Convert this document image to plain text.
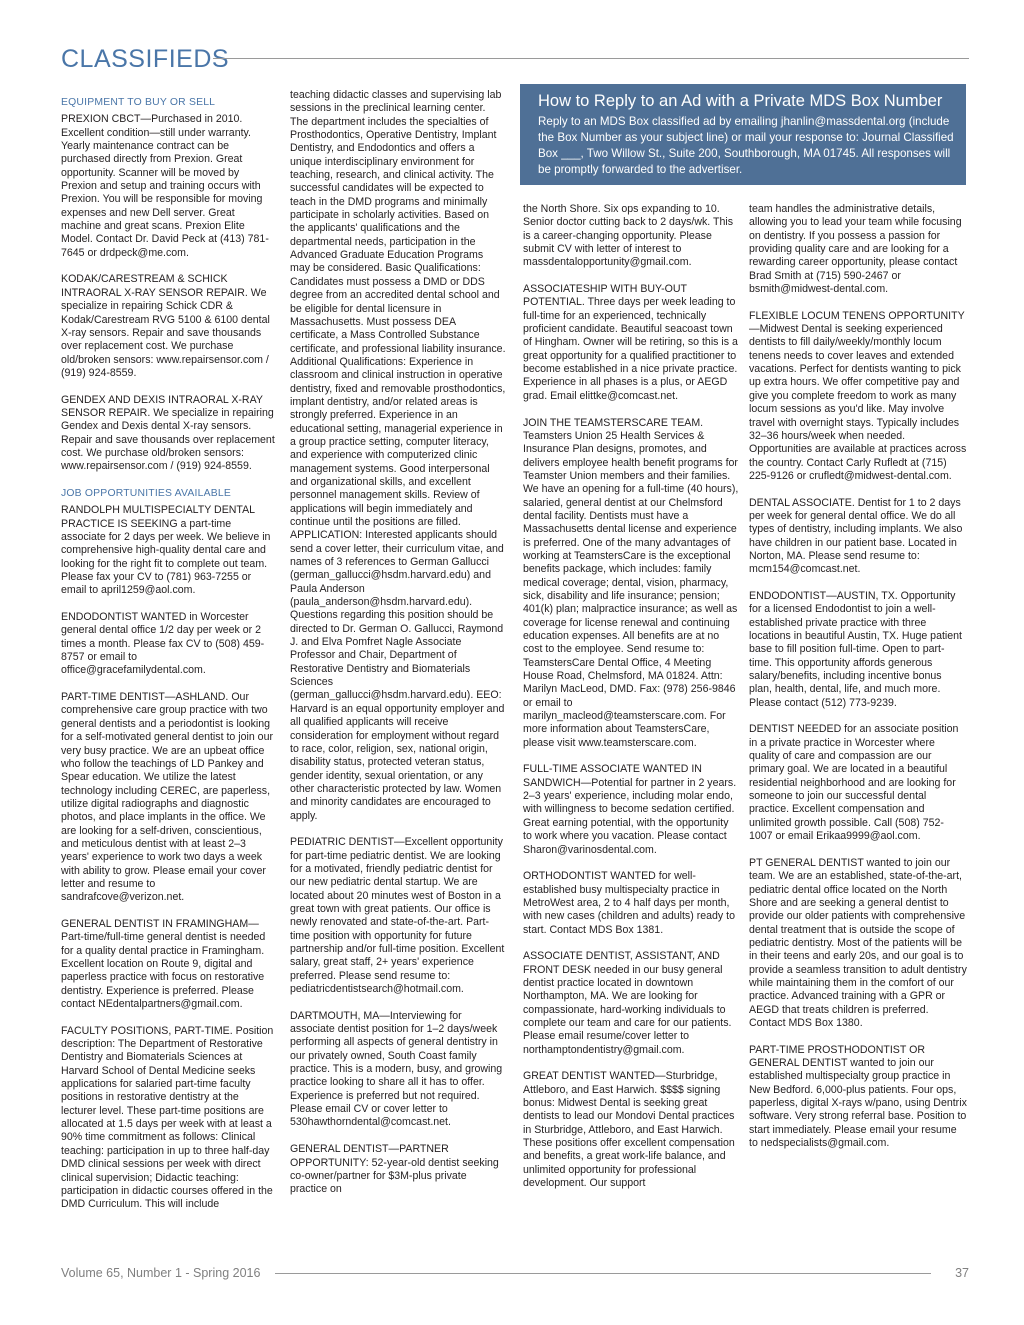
CLASSIFIEDS
EQUIPMENT TO BUY OR SELL
PREXION CBCT—Purchased in 2010. Excellent condition—still under warranty. Yearly maintenance contract can be purchased directly from Prexion. Great opportunity. Scanner will be moved by Prexion and setup and training occurs with Prexion. You will be responsible for moving expenses and new Dell server. Great machine and great scans. Prexion Elite Model. Contact Dr. David Peck at (413) 781-7645 or drdpeck@me.com.
KODAK/CARESTREAM & SCHICK INTRAORAL X-RAY SENSOR REPAIR. We specialize in repairing Schick CDR & Kodak/Carestream RVG 5100 & 6100 dental X-ray sensors. Repair and save thousands over replacement cost. We purchase old/broken sensors: www.repairsensor.com / (919) 924-8559.
GENDEX AND DEXIS INTRAORAL X-RAY SENSOR REPAIR. We specialize in repairing Gendex and Dexis dental X-ray sensors. Repair and save thousands over replacement cost. We purchase old/broken sensors: www.repairsensor.com / (919) 924-8559.
JOB OPPORTUNITIES AVAILABLE
RANDOLPH MULTISPECIALTY DENTAL PRACTICE IS SEEKING a part-time associate for 2 days per week. We believe in comprehensive high-quality dental care and looking for the right fit to complete out team. Please fax your CV to (781) 963-7255 or email to april1259@aol.com.
ENDODONTIST WANTED in Worcester general dental office 1/2 day per week or 2 times a month. Please fax CV to (508) 459-8757 or email to office@gracefamilydental.com.
PART-TIME DENTIST—ASHLAND. Our comprehensive care group practice with two general dentists and a periodontist is looking for a self-motivated general dentist to join our very busy practice. We are an upbeat office who follow the teachings of LD Pankey and Spear education. We utilize the latest technology including CEREC, are paperless, utilize digital radiographs and diagnostic photos, and place implants in the office. We are looking for a self-driven, conscientious, and meticulous dentist with at least 2–3 years' experience to work two days a week with ability to grow. Please email your cover letter and resume to sandrafcove@verizon.net.
GENERAL DENTIST IN FRAMINGHAM—Part-time/full-time general dentist is needed for a quality dental practice in Framingham. Excellent location on Route 9, digital and paperless practice with focus on restorative dentistry. Experience is preferred. Please contact NEdentalpartners@gmail.com.
FACULTY POSITIONS, PART-TIME. Position description: The Department of Restorative Dentistry and Biomaterials Sciences at Harvard School of Dental Medicine seeks applications for salaried part-time faculty positions in restorative dentistry at the lecturer level. These part-time positions are allocated at 1.5 days per week with at least a 90% time commitment as follows: Clinical teaching: participation in up to three half-day DMD clinical sessions per week with direct clinical supervision; Didactic teaching: participation in didactic courses offered in the DMD Curriculum. This will include
teaching didactic classes and supervising lab sessions in the preclinical learning center. The department includes the specialties of Prosthodontics, Operative Dentistry, Implant Dentistry, and Endodontics and offers a unique interdisciplinary environment for teaching, research, and clinical activity. The successful candidates will be expected to teach in the DMD programs and minimally participate in scholarly activities. Based on the applicants' qualifications and the departmental needs, participation in the Advanced Graduate Education Programs may be considered. Basic Qualifications: Candidates must possess a DMD or DDS degree from an accredited dental school and be eligible for dental licensure in Massachusetts. Must possess DEA certificate, a Mass Controlled Substance certificate, and professional liability insurance. Additional Qualifications: Experience in classroom and clinical instruction in operative dentistry, fixed and removable prosthodontics, implant dentistry, and/or related areas is strongly preferred. Experience in an educational setting, managerial experience in a group practice setting, computer literacy, and experience with computerized clinic management systems. Good interpersonal and organizational skills, and excellent personnel management skills. Review of applications will begin immediately and continue until the positions are filled. APPLICATION: Interested applicants should send a cover letter, their curriculum vitae, and names of 3 references to German Gallucci (german_gallucci@hsdm.harvard.edu) and Paula Anderson (paula_anderson@hsdm.harvard.edu). Questions regarding this position should be directed to Dr. German O. Gallucci, Raymond J. and Elva Pomfret Nagle Associate Professor and Chair, Department of Restorative Dentistry and Biomaterials Sciences (german_gallucci@hsdm.harvard.edu). EEO: Harvard is an equal opportunity employer and all qualified applicants will receive consideration for employment without regard to race, color, religion, sex, national origin, disability status, protected veteran status, gender identity, sexual orientation, or any other characteristic protected by law. Women and minority candidates are encouraged to apply.
PEDIATRIC DENTIST—Excellent opportunity for part-time pediatric dentist. We are looking for a motivated, friendly pediatric dentist for our new pediatric dental startup. We are located about 20 minutes west of Boston in a great town with great patients. Our office is newly renovated and state-of-the-art. Part-time position with opportunity for future partnership and/or full-time position. Excellent salary, great staff, 2+ years' experience preferred. Please send resume to: pediatricdentistsearch@hotmail.com.
DARTMOUTH, MA—Interviewing for associate dentist position for 1–2 days/week performing all aspects of general dentistry in our privately owned, South Coast family practice. This is a modern, busy, and growing practice looking to share all it has to offer. Experience is preferred but not required. Please email CV or cover letter to 530hawthorndental@comcast.net.
GENERAL DENTIST—PARTNER OPPORTUNITY: 52-year-old dentist seeking co-owner/partner for $3M-plus private practice on
How to Reply to an Ad with a Private MDS Box Number
Reply to an MDS Box classified ad by emailing jhanlin@massdental.org (include the Box Number as your subject line) or mail your response to: Journal Classified Box ___, Two Willow St., Suite 200, Southborough, MA 01745. All responses will be promptly forwarded to the advertiser.
the North Shore. Six ops expanding to 10. Senior doctor cutting back to 2 days/wk. This is a career-changing opportunity. Please submit CV with letter of interest to massdentalopportunity@gmail.com.
ASSOCIATESHIP WITH BUY-OUT POTENTIAL. Three days per week leading to full-time for an experienced, technically proficient candidate. Beautiful seacoast town of Hingham. Owner will be retiring, so this is a great opportunity for a qualified practitioner to become established in a nice private practice. Experience in all phases is a plus, or AEGD grad. Email elittke@comcast.net.
JOIN THE TEAMSTERSCARE TEAM. Teamsters Union 25 Health Services & Insurance Plan designs, promotes, and delivers employee health benefit programs for Teamster Union members and their families. We have an opening for a full-time (40 hours), salaried, general dentist at our Chelmsford dental facility. Dentists must have a Massachusetts dental license and experience is preferred. One of the many advantages of working at TeamstersCare is the exceptional benefits package, which includes: family medical coverage; dental, vision, pharmacy, sick, disability and life insurance; pension; 401(k) plan; malpractice insurance; as well as coverage for license renewal and continuing education expenses. All benefits are at no cost to the employee. Send resume to: TeamstersCare Dental Office, 4 Meeting House Road, Chelmsford, MA 01824. Attn: Marilyn MacLeod, DMD. Fax: (978) 256-9846 or email to marilyn_macleod@teamsterscare.com. For more information about TeamstersCare, please visit www.teamsterscare.com.
FULL-TIME ASSOCIATE WANTED IN SANDWICH—Potential for partner in 2 years. 2–3 years' experience, including molar endo, with willingness to become sedation certified. Great earning potential, with the opportunity to work where you vacation. Please contact Sharon@varinosdental.com.
ORTHODONTIST WANTED for well-established busy multispecialty practice in MetroWest area, 2 to 4 half days per month, with new cases (children and adults) ready to start. Contact MDS Box 1381.
ASSOCIATE DENTIST, ASSISTANT, AND FRONT DESK needed in our busy general dentist practice located in downtown Northampton, MA. We are looking for compassionate, hard-working individuals to complete our team and care for our patients. Please email resume/cover letter to northamptondentistry@gmail.com.
GREAT DENTIST WANTED—Sturbridge, Attleboro, and East Harwich. $$$$ signing bonus: Midwest Dental is seeking great dentists to lead our Mondovi Dental practices in Sturbridge, Attleboro, and East Harwich. These positions offer excellent compensation and benefits, a great work-life balance, and unlimited opportunity for professional development. Our support
team handles the administrative details, allowing you to lead your team while focusing on dentistry. If you possess a passion for providing quality care and are looking for a rewarding career opportunity, please contact Brad Smith at (715) 590-2467 or bsmith@midwest-dental.com.
FLEXIBLE LOCUM TENENS OPPORTUNITY—Midwest Dental is seeking experienced dentists to fill daily/weekly/monthly locum tenens needs to cover leaves and extended vacations. Perfect for dentists wanting to pick up extra hours. We offer competitive pay and give you complete freedom to work as many locum sessions as you'd like. May involve travel with overnight stays. Typically includes 32–36 hours/week when needed. Opportunities are available at practices across the country. Contact Carly Rufledt at (715) 225-9126 or crufledt@midwest-dental.com.
DENTAL ASSOCIATE. Dentist for 1 to 2 days per week for general dental office. We do all types of dentistry, including implants. We also have children in our patient base. Located in Norton, MA. Please send resume to: mcm154@comcast.net.
ENDODONTIST—AUSTIN, TX. Opportunity for a licensed Endodontist to join a well-established private practice with three locations in beautiful Austin, TX. Huge patient base to fill position full-time. Open to part-time. This opportunity affords generous salary/benefits, including incentive bonus plan, health, dental, life, and much more. Please contact (512) 773-9239.
DENTIST NEEDED for an associate position in a private practice in Worcester where quality of care and compassion are our primary goal. We are located in a beautiful residential neighborhood and are looking for someone to join our successful dental practice. Excellent compensation and unlimited growth possible. Call (508) 752-1007 or email Erikaa9999@aol.com.
PT GENERAL DENTIST wanted to join our team. We are an established, state-of-the-art, pediatric dental office located on the North Shore and are seeking a general dentist to provide our older patients with comprehensive dental treatment that is outside the scope of pediatric dentistry. Most of the patients will be in their teens and early 20s, and our goal is to provide a seamless transition to adult dentistry while maintaining them in the comfort of our practice. Advanced training with a GPR or AEGD that treats children is preferred. Contact MDS Box 1380.
PART-TIME PROSTHODONTIST OR GENERAL DENTIST wanted to join our established multispecialty group practice in New Bedford. 6,000-plus patients. Four ops, paperless, digital X-rays w/pano, using Dentrix software. Very strong referral base. Position to start immediately. Please email your resume to nedspecialists@gmail.com.
Volume 65, Number 1 - Spring 2016	37
